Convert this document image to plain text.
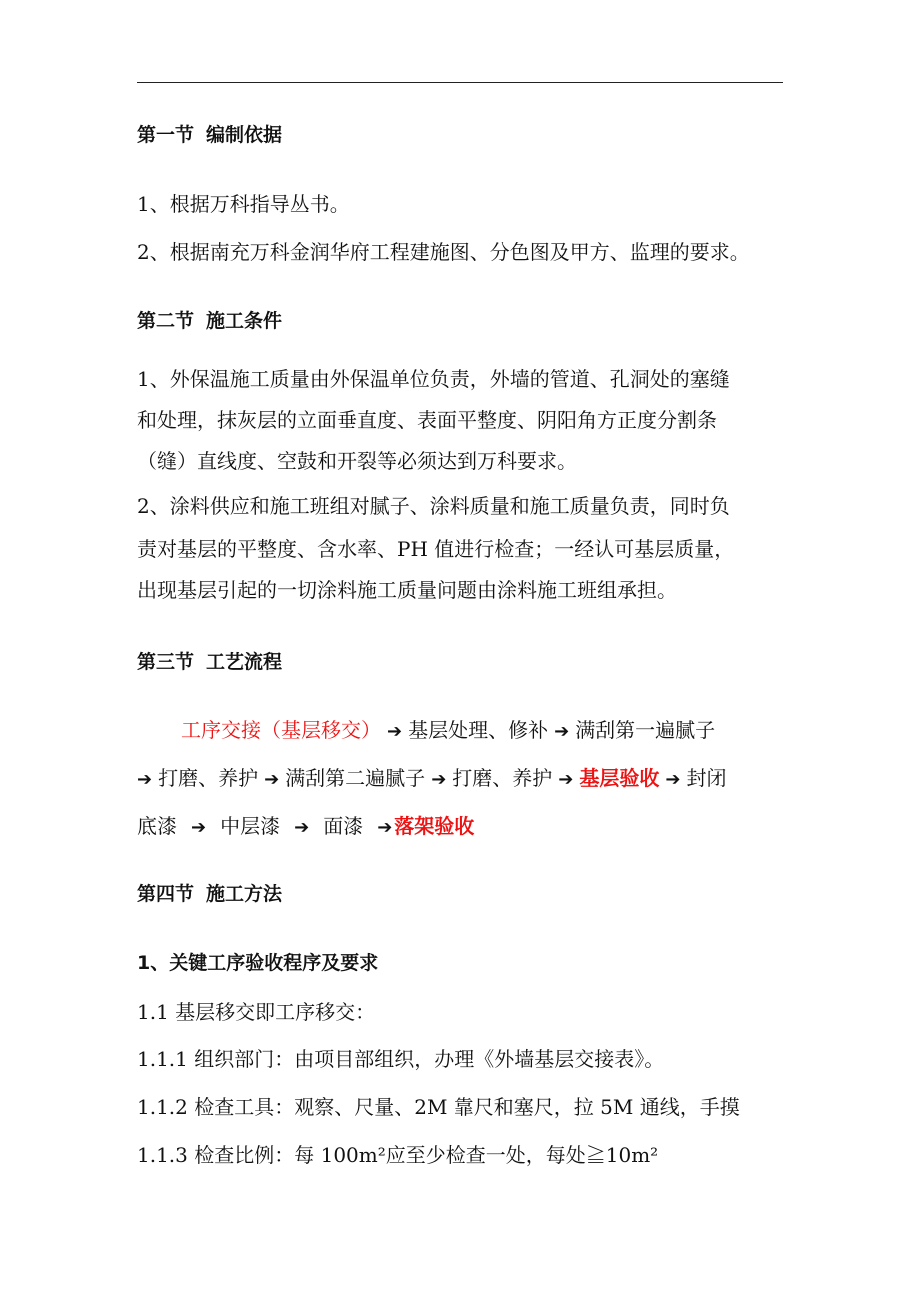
第一节 编制依据
1、根据万科指导丛书。
2、根据南充万科金润华府工程建施图、分色图及甲方、监理的要求。
第二节 施工条件
1、外保温施工质量由外保温单位负责，外墙的管道、孔洞处的塞缝
和处理，抹灰层的立面垂直度、表面平整度、阴阳角方正度分割条
（缝）直线度、空鼓和开裂等必须达到万科要求。
2、涂料供应和施工班组对腻子、涂料质量和施工质量负责，同时负
责对基层的平整度、含水率、PH 值进行检查；一经认可基层质量，
出现基层引起的一切涂料施工质量问题由涂料施工班组承担。
第三节 工艺流程
工序交接（基层移交） ➔ 基层处理、修补 ➔ 满刮第一遍腻子
➔ 打磨、养护 ➔ 满刮第二遍腻子 ➔ 打磨、养护 ➔ 基层验收 ➔ 封闭
底漆 ➔ 中层漆 ➔ 面漆 ➔ 落架验收
第四节 施工方法
1、关键工序验收程序及要求
1.1 基层移交即工序移交：
1.1.1 组织部门：由项目部组织，办理《外墙基层交接表》。
1.1.2 检查工具：观察、尺量、2M 靠尺和塞尺，拉 5M 通线，手摸
1.1.3 检查比例：每 100m²应至少检查一处，每处≧10m²
